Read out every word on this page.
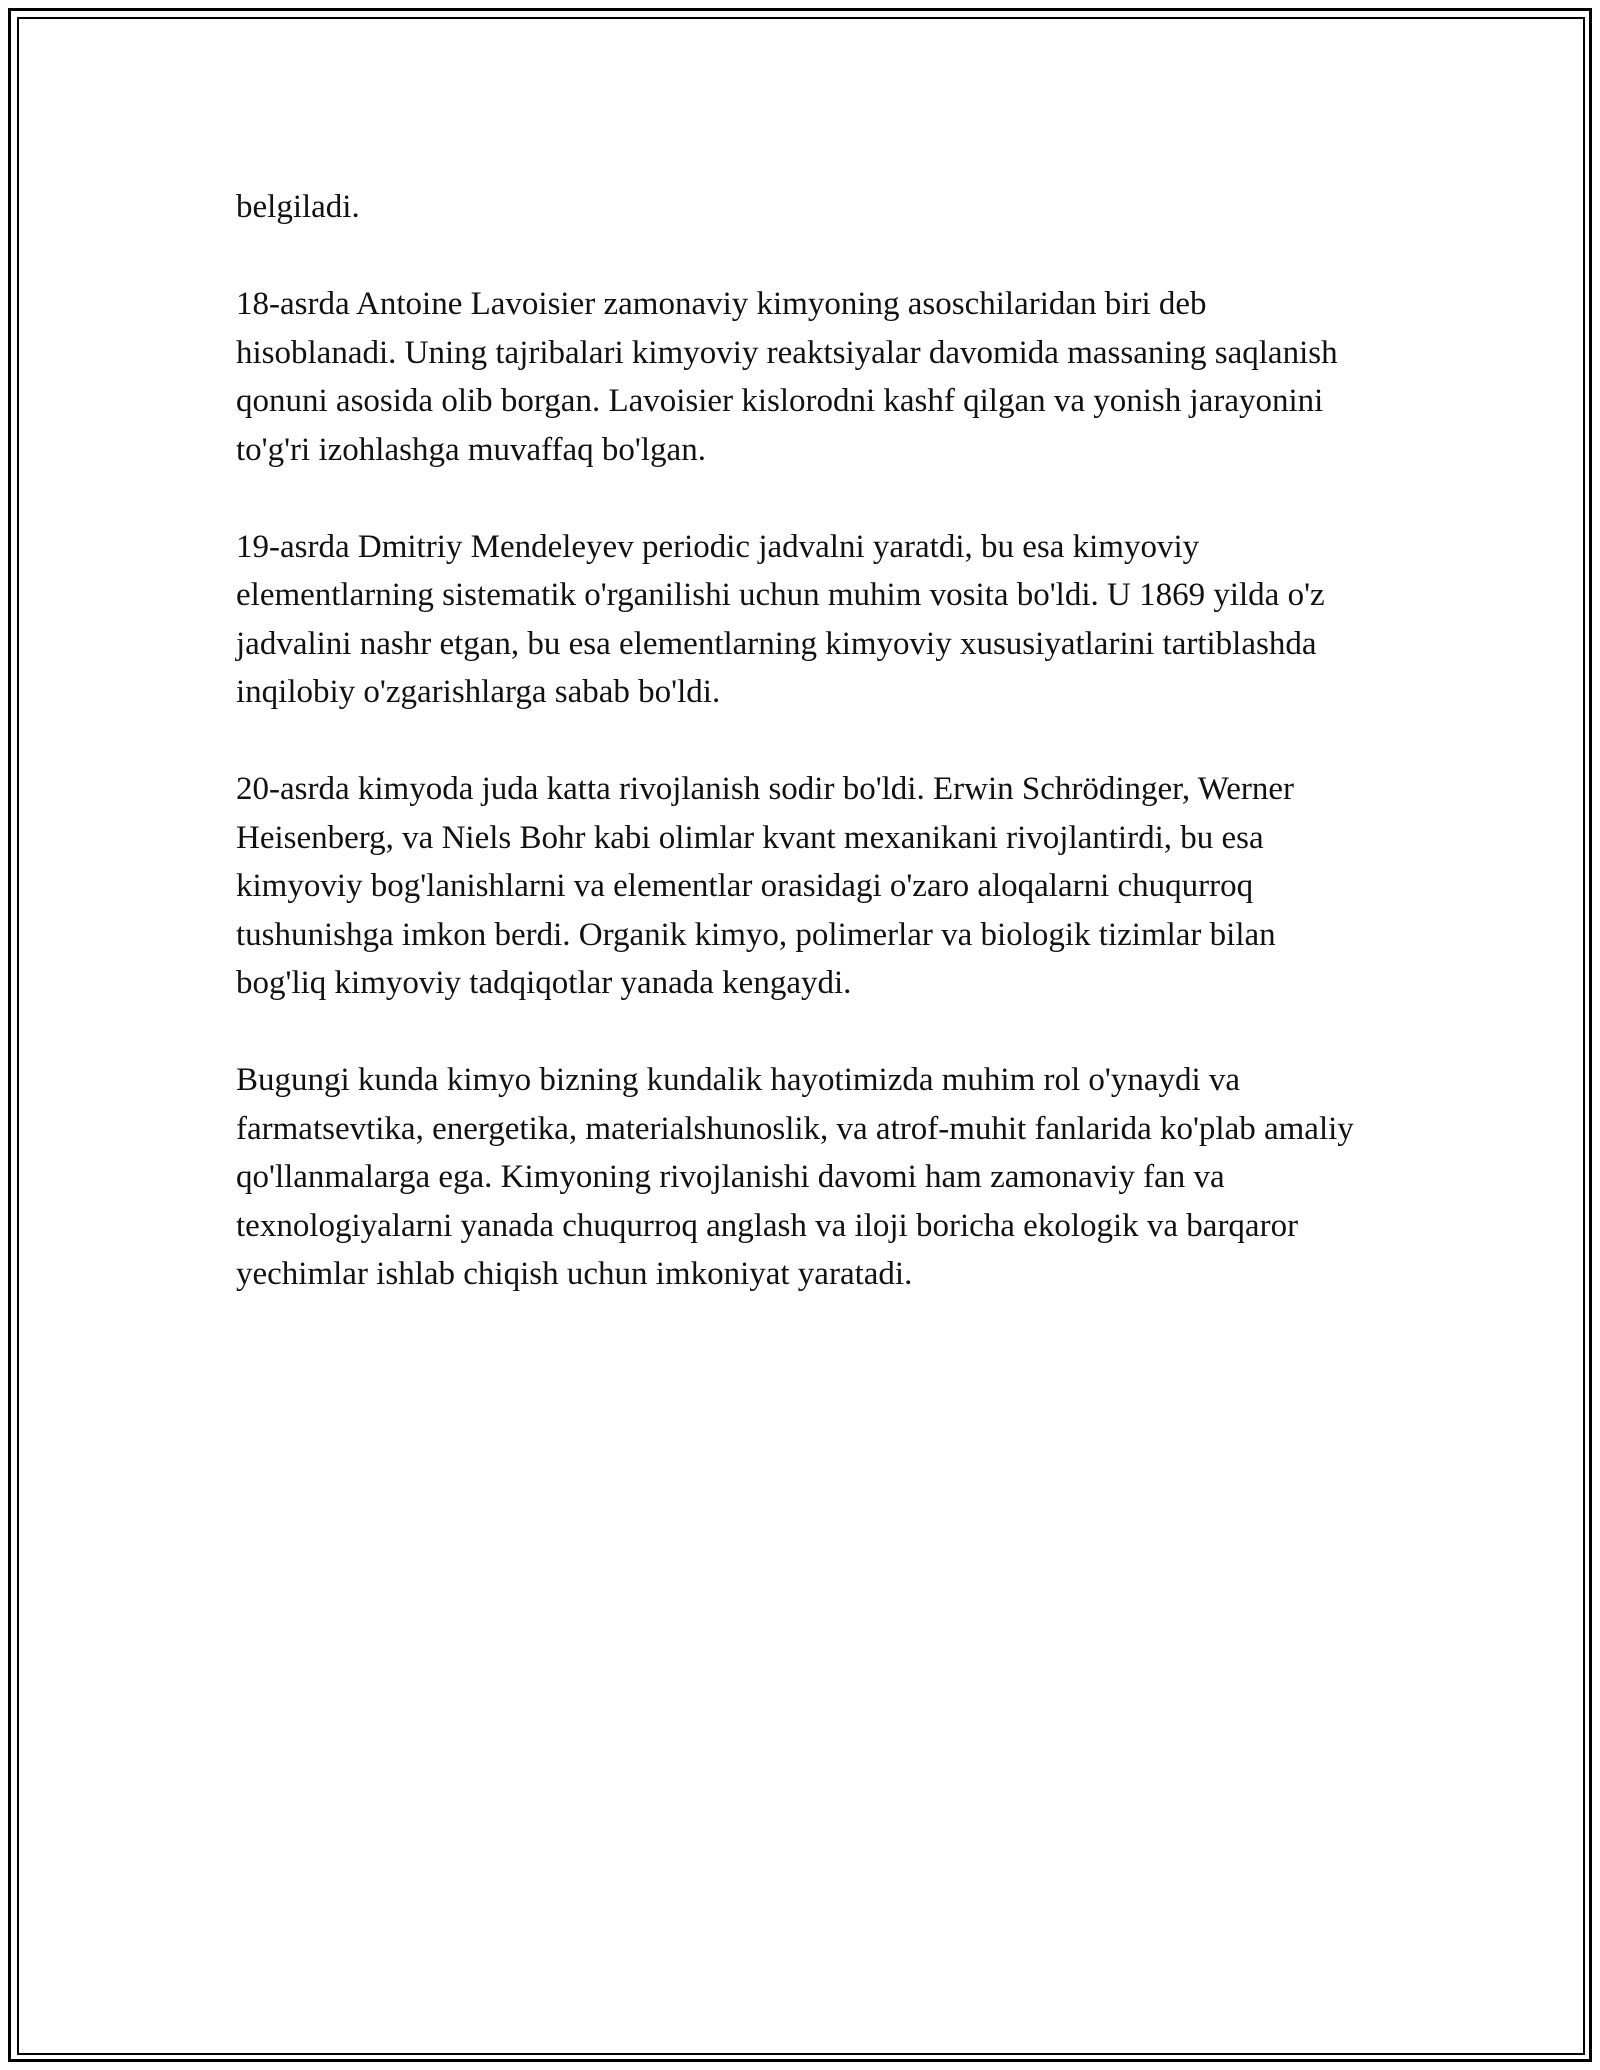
belgiladi.

18-asrda Antoine Lavoisier zamonaviy kimyoning asoschilaridan biri deb hisoblanadi. Uning tajribalari kimyoviy reaktsiyalar davomida massaning saqlanish qonuni asosida olib borgan. Lavoisier kislorodni kashf qilgan va yonish jarayonini to'g'ri izohlashga muvaffaq bo'lgan.

19-asrda Dmitriy Mendeleyev periodic jadvalni yaratdi, bu esa kimyoviy elementlarning sistematik o'rganilishi uchun muhim vosita bo'ldi. U 1869 yilda o'z jadvalini nashr etgan, bu esa elementlarning kimyoviy xususiyatlarini tartiblashda inqilobiy o'zgarishlarga sabab bo'ldi.

20-asrda kimyoda juda katta rivojlanish sodir bo'ldi. Erwin Schrödinger, Werner Heisenberg, va Niels Bohr kabi olimlar kvant mexanikani rivojlantirdi, bu esa kimyoviy bog'lanishlarni va elementlar orasidagi o'zaro aloqalarni chuqurroq tushunishga imkon berdi. Organik kimyo, polimerlar va biologik tizimlar bilan bog'liq kimyoviy tadqiqotlar yanada kengaydi.

Bugungi kunda kimyo bizning kundalik hayotimizda muhim rol o'ynaydi va farmatsevtika, energetika, materialshunoslik, va atrof-muhit fanlarida ko'plab amaliy qo'llanmalarga ega. Kimyoning rivojlanishi davomi ham zamonaviy fan va texnologiyalarni yanada chuqurroq anglash va iloji boricha ekologik va barqaror yechimlar ishlab chiqish uchun imkoniyat yaratadi.
